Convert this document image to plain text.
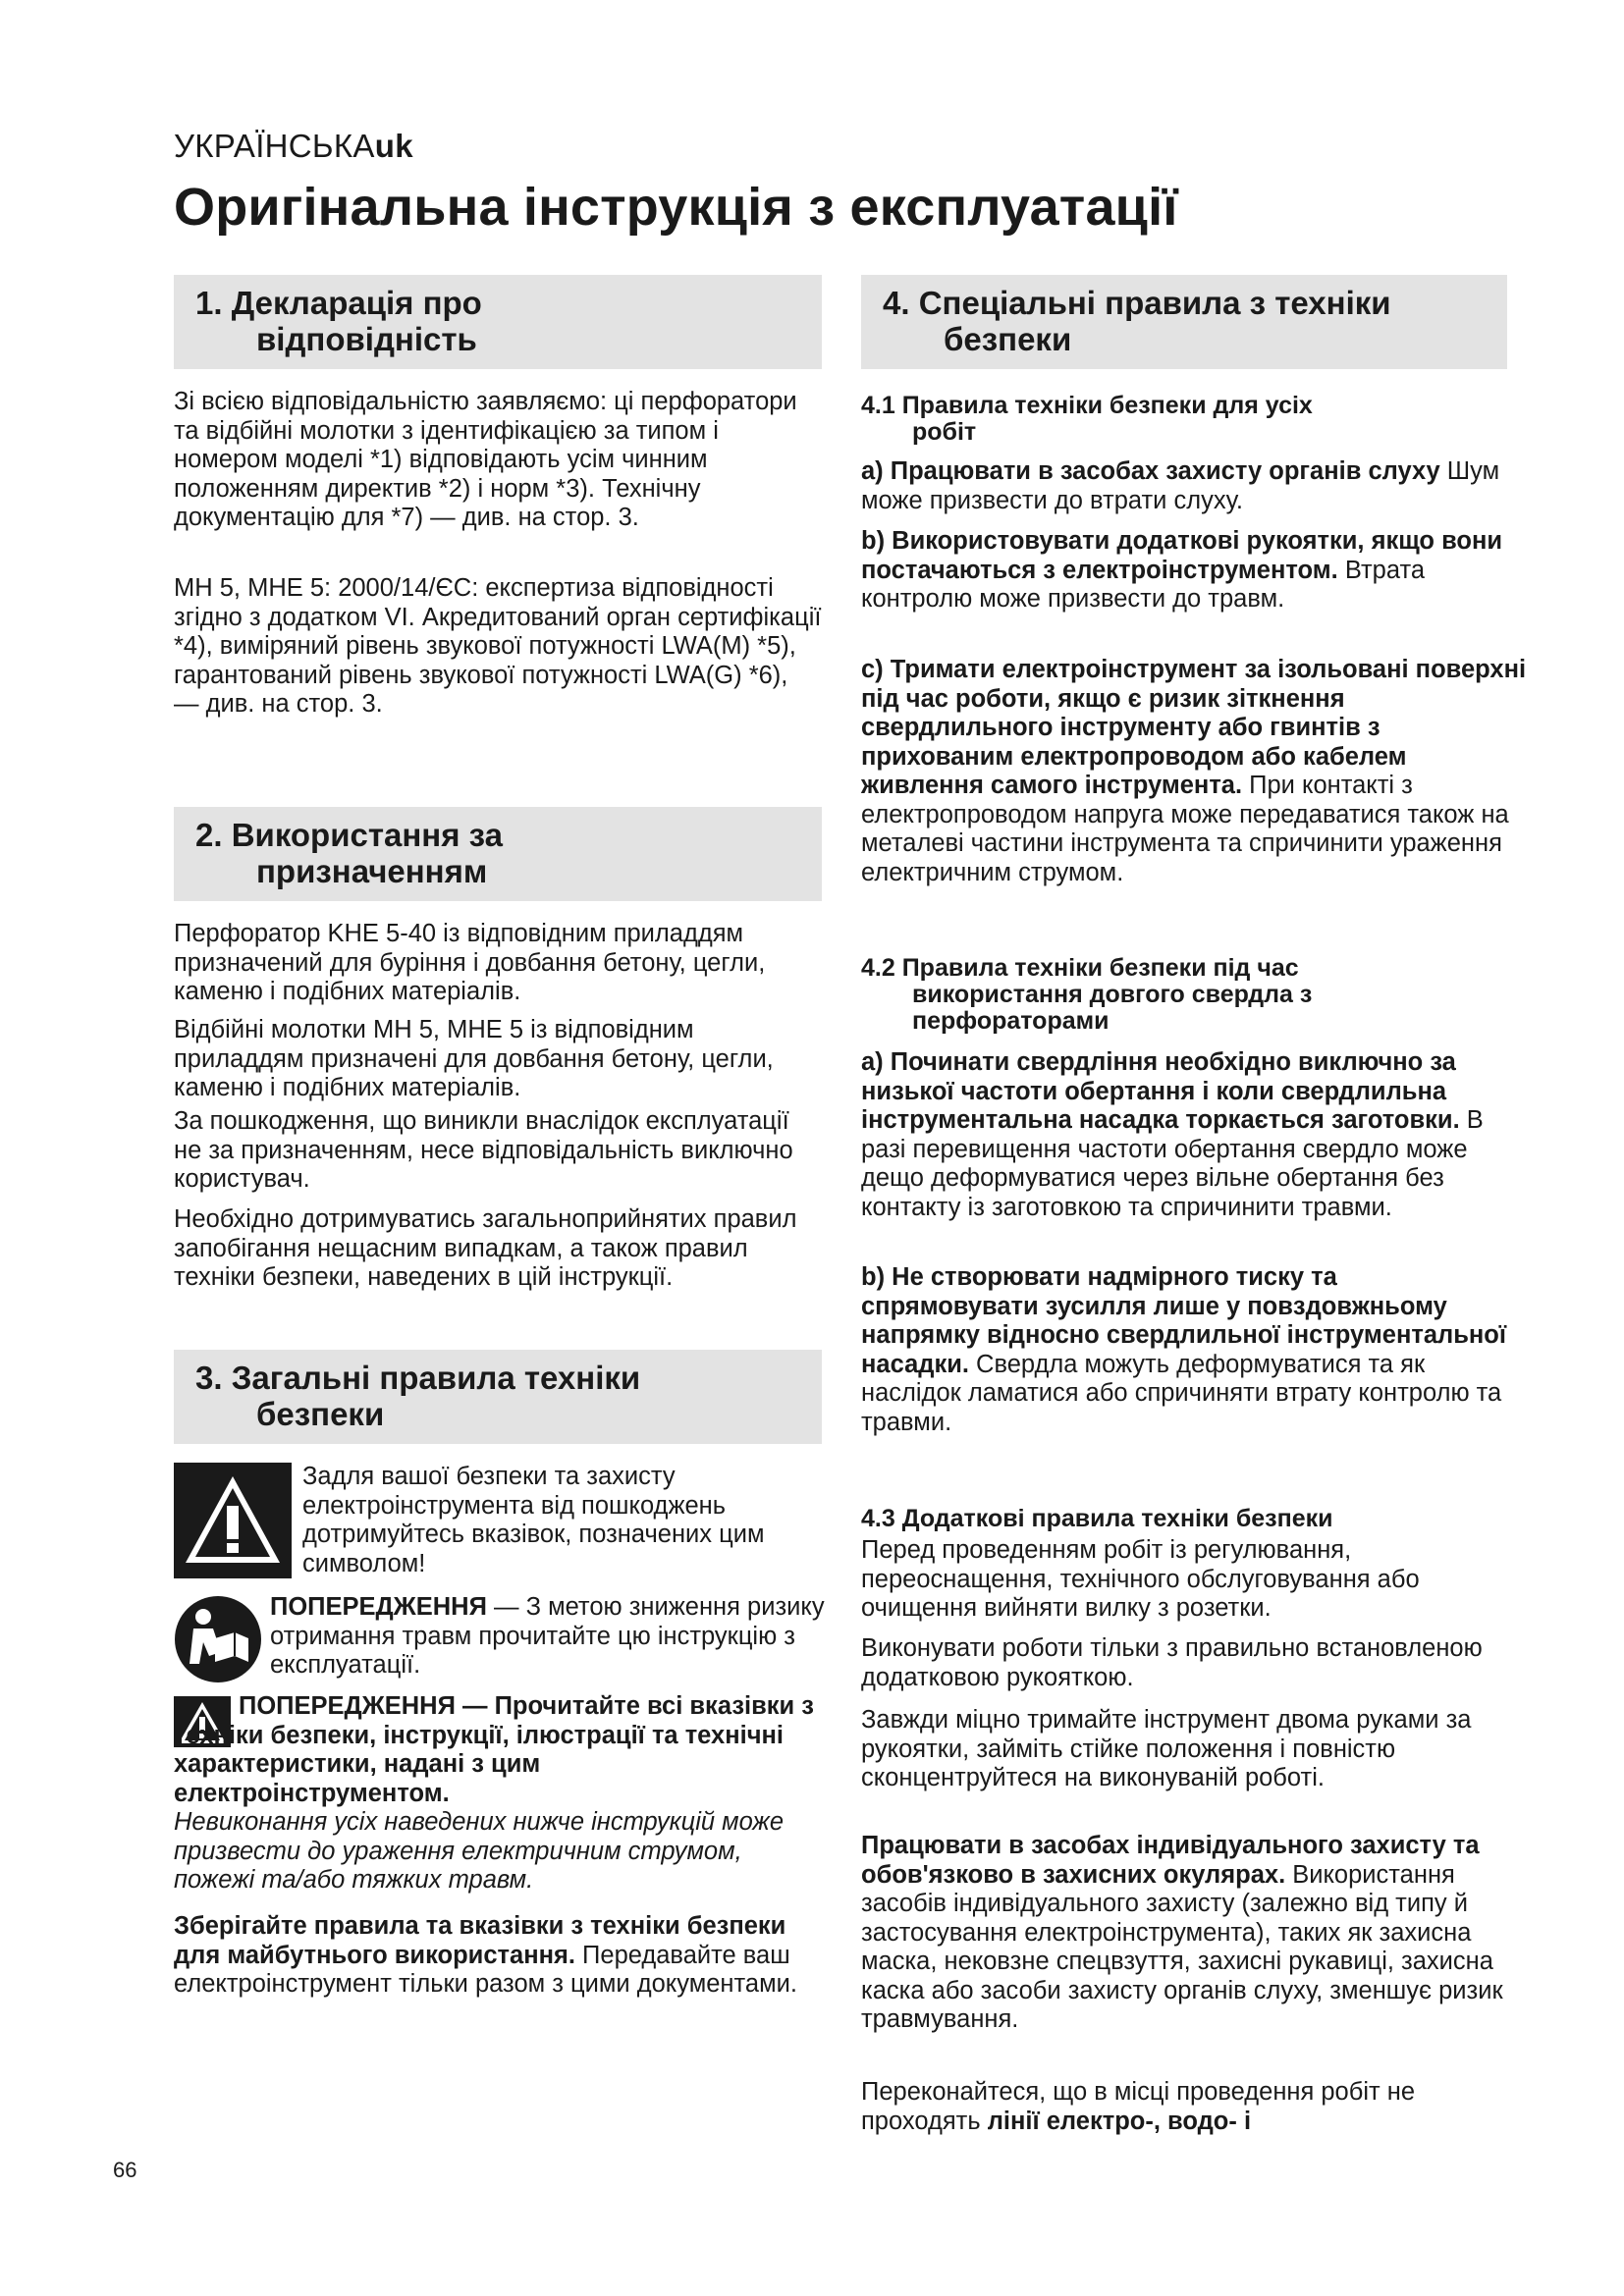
УКРАЇНСЬКАuk
Оригінальна інструкція з експлуатації
1. Декларація про
відповідність

Зі всією відповідальністю заявляємо: ці перфоратори та відбійні молотки з ідентифікацією за типом і номером моделі *1) відповідають усім чинним положенням директив *2) і норм *3). Технічну документацію для *7) — див. на стор. 3.

MH 5, MHE 5: 2000/14/ЄС: експертиза відповідності згідно з додатком VI. Акредитований орган сертифікації *4), виміряний рівень звукової потужності LWA(M) *5), гарантований рівень звукової потужності LWA(G) *6),
— див. на стор. 3.

2. Використання за
призначенням

Перфоратор KHE 5-40 із відповідним приладдям призначений для буріння і довбання бетону, цегли, каменю і подібних матеріалів.

Відбійні молотки MH 5, MHE 5 із відповідним приладдям призначені для довбання бетону, цегли, каменю і подібних матеріалів.

За пошкодження, що виникли внаслідок експлуатації не за призначенням, несе відповідальність виключно користувач.

Необхідно дотримуватись загальноприйнятих правил запобігання нещасним випадкам, а також правил техніки безпеки, наведених в цій інструкції.

3. Загальні правила техніки
безпеки

Задля вашої безпеки та захисту електроінструмента від пошкоджень дотримуйтесь вказівок, позначених цим символом!

ПОПЕРЕДЖЕННЯ — З метою зниження ризику отримання травм прочитайте цю інструкцію з експлуатації.

ПОПЕРЕДЖЕННЯ — Прочитайте всі вказівки з техніки безпеки, інструкції, ілюстрації та технічні характеристики, надані з цим електроінструментом.
Невиконання усіх наведених нижче інструкцій може призвести до ураження електричним струмом, пожежі та/або тяжких травм.

Зберігайте правила та вказівки з техніки безпеки для майбутнього використання. Передавайте ваш електроінструмент тільки разом з цими документами.

4. Спеціальні правила з техніки
безпеки
4.1 Правила техніки безпеки для усіх
робіт

a) Працювати в засобах захисту органів слуху Шум може призвести до втрати слуху.

b) Використовувати додаткові рукоятки, якщо вони постачаються з електроінструментом. Втрата контролю може призвести до травм.

c) Тримати електроінструмент за ізольовані поверхні під час роботи, якщо є ризик зіткнення свердлильного інструменту або гвинтів з прихованим електропроводом або кабелем живлення самого інструмента. При контакті з електропроводом напруга може передаватися також на металеві частини інструмента та спричинити ураження електричним струмом.

4.2 Правила техніки безпеки під час
використання довгого свердла з
перфораторами

a) Починати свердління необхідно виключно за низької частоти обертання і коли свердлильна інструментальна насадка торкається заготовки. В разі перевищення частоти обертання свердло може дещо деформуватися через вільне обертання без контакту із заготовкою та спричинити травми.

b) Не створювати надмірного тиску та спрямовувати зусилля лише у повздовжньому напрямку відносно свердлильної інструментальної насадки. Свердла можуть деформуватися та як наслідок ламатися або спричиняти втрату контролю та травми.

4.3 Додаткові правила техніки безпеки

Перед проведенням робіт із регулювання, переоснащення, технічного обслуговування або очищення вийняти вилку з розетки.

Виконувати роботи тільки з правильно встановленою додатковою рукояткою.

Завжди міцно тримайте інструмент двома руками за рукоятки, займіть стійке положення і повністю сконцентруйтеся на виконуваній роботі.

Працювати в засобах індивідуального захисту та обов'язково в захисних окулярах. Використання засобів індивідуального захисту (залежно від типу й застосування електроінструмента), таких як захисна маска, нековзне спецвзуття, захисні рукавиці, захисна каска або засоби захисту органів слуху, зменшує ризик травмування.

Переконайтеся, що в місці проведення робіт не проходять лінії електро-, водо- і

66
